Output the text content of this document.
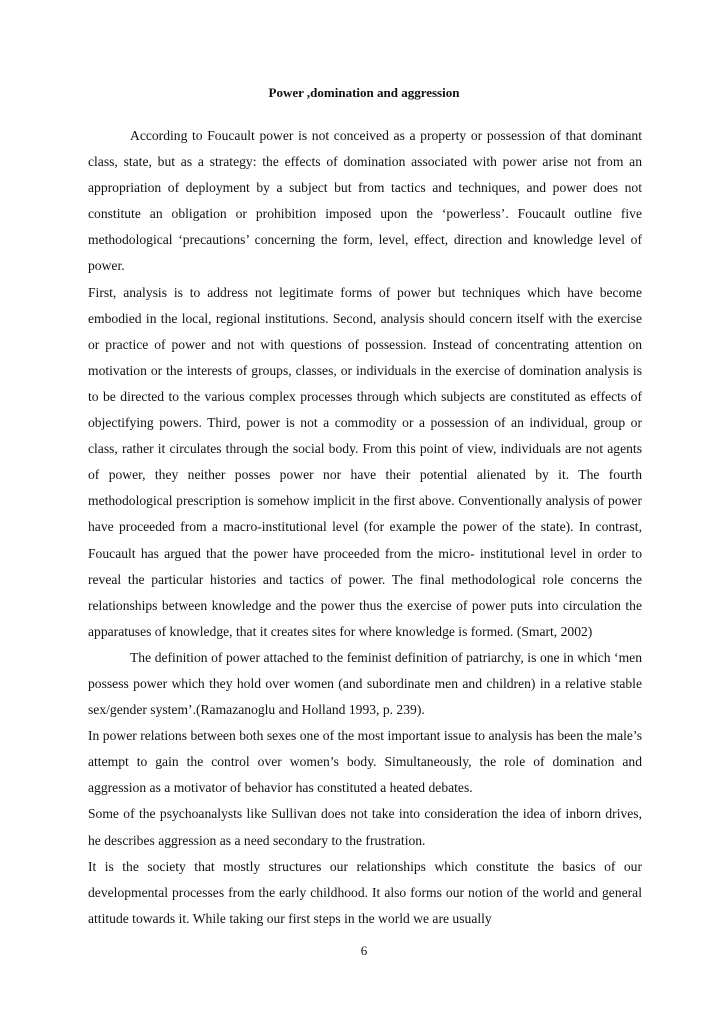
Power ,domination and aggression

According to Foucault power is not conceived as a property or possession of that dominant class, state, but as a strategy: the effects of domination associated with power arise not from an appropriation of deployment by a subject but from tactics and techniques, and power does not constitute an obligation or prohibition imposed upon the ‘powerless’. Foucault outline five methodological ‘precautions’ concerning the form, level, effect, direction and knowledge level of power.

First, analysis is to address not legitimate forms of power but techniques which have become embodied in the local, regional institutions. Second, analysis should concern itself with the exercise or practice of power and not with questions of possession. Instead of concentrating attention on motivation or the interests of groups, classes, or individuals in the exercise of domination analysis is to be directed to the various complex processes through which subjects are constituted as effects of objectifying powers. Third, power is not a commodity or a possession of an individual, group or class, rather it circulates through the social body. From this point of view, individuals are not agents of power, they neither posses power nor have their potential alienated by it. The fourth methodological prescription is somehow implicit in the first above. Conventionally analysis of power have proceeded from a macro-institutional level (for example the power of the state). In contrast, Foucault has argued that the power have proceeded from the micro- institutional level in order to reveal the particular histories and tactics of power. The final methodological role concerns the relationships between knowledge and the power thus the exercise of power puts into circulation the apparatuses of knowledge, that it creates sites for where knowledge is formed. (Smart, 2002)

The definition of power attached to the feminist definition of patriarchy, is one in which ‘men possess power which they hold over women (and subordinate men and children) in a relative stable sex/gender system’.(Ramazanoglu and Holland 1993, p. 239).

In power relations between both sexes one of the most important issue to analysis has been the male’s attempt to gain the control over women’s body. Simultaneously, the role of domination and aggression as a motivator of behavior has constituted a heated debates.

Some of the psychoanalysts like Sullivan does not take into consideration the idea of inborn drives, he describes aggression as a need secondary to the frustration.

It is the society that mostly structures our relationships which constitute the basics of our developmental processes from the early childhood. It also forms our notion of the world and general attitude towards it. While taking our first steps in the world we are usually

6
